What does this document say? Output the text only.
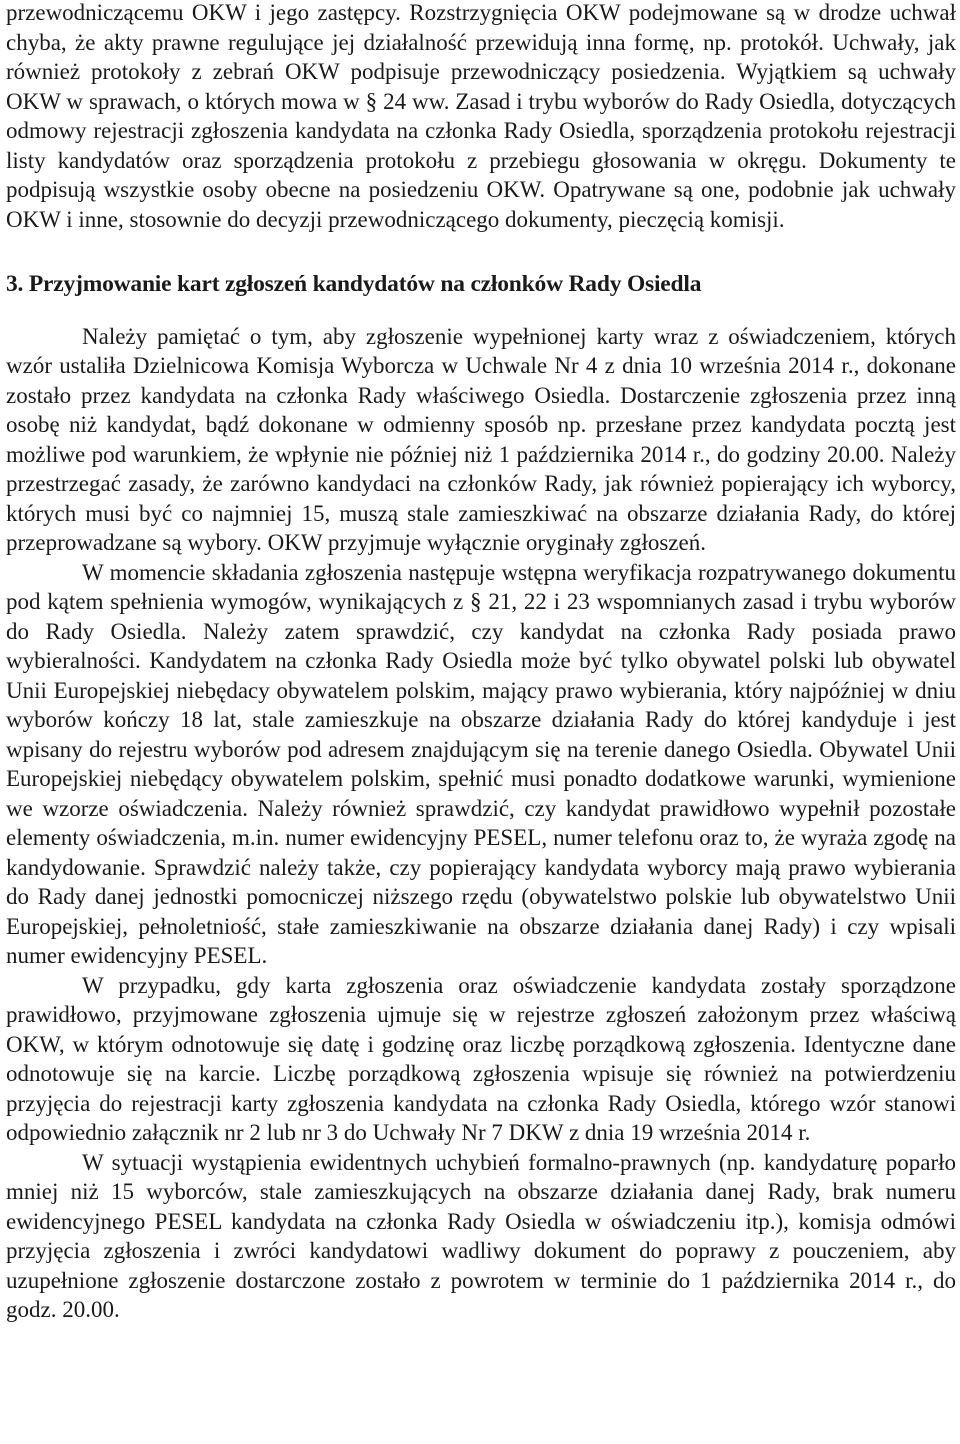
przewodniczącemu OKW i jego zastępcy. Rozstrzygnięcia OKW podejmowane są w drodze uchwał chyba, że akty prawne regulujące jej działalność przewidują inna formę, np. protokół. Uchwały, jak również protokoły z zebrań OKW podpisuje przewodniczący posiedzenia. Wyjątkiem są uchwały OKW w sprawach, o których mowa w § 24 ww. Zasad i trybu wyborów do Rady Osiedla, dotyczących odmowy rejestracji zgłoszenia kandydata na członka Rady Osiedla, sporządzenia protokołu rejestracji listy kandydatów oraz sporządzenia protokołu z przebiegu głosowania w okręgu. Dokumenty te podpisują wszystkie osoby obecne na posiedzeniu OKW. Opatrywane są one, podobnie jak uchwały OKW i inne, stosownie do decyzji przewodniczącego dokumenty, pieczęcią komisji.

3. Przyjmowanie kart zgłoszeń kandydatów na członków Rady Osiedla

Należy pamiętać o tym, aby zgłoszenie wypełnionej karty wraz z oświadczeniem, których wzór ustaliła Dzielnicowa Komisja Wyborcza w Uchwale Nr 4 z dnia 10 września 2014 r., dokonane zostało przez kandydata na członka Rady właściwego Osiedla. Dostarczenie zgłoszenia przez inną osobę niż kandydat, bądź dokonane w odmienny sposób np. przesłane przez kandydata pocztą jest możliwe pod warunkiem, że wpłynie nie później niż 1 października 2014 r., do godziny 20.00. Należy przestrzegać zasady, że zarówno kandydaci na członków Rady, jak również popierający ich wyborcy, których musi być co najmniej 15, muszą stale zamieszkiwać na obszarze działania Rady, do której przeprowadzane są wybory. OKW przyjmuje wyłącznie oryginały zgłoszeń.

W momencie składania zgłoszenia następuje wstępna weryfikacja rozpatrywanego dokumentu pod kątem spełnienia wymogów, wynikających z § 21, 22 i 23 wspomnianych zasad i trybu wyborów do Rady Osiedla. Należy zatem sprawdzić, czy kandydat na członka Rady posiada prawo wybieralności. Kandydatem na członka Rady Osiedla może być tylko obywatel polski lub obywatel Unii Europejskiej niebędacy obywatelem polskim, mający prawo wybierania, który najpóźniej w dniu wyborów kończy 18 lat, stale zamieszkuje na obszarze działania Rady do której kandyduje i jest wpisany do rejestru wyborów pod adresem znajdującym się na terenie danego Osiedla. Obywatel Unii Europejskiej niebędący obywatelem polskim, spełnić musi ponadto dodatkowe warunki, wymienione we wzorze oświadczenia. Należy również sprawdzić, czy kandydat prawidłowo wypełnił pozostałe elementy oświadczenia, m.in. numer ewidencyjny PESEL, numer telefonu oraz to, że wyraża zgodę na kandydowanie. Sprawdzić należy także, czy popierający kandydata wyborcy mają prawo wybierania do Rady danej jednostki pomocniczej niższego rzędu (obywatelstwo polskie lub obywatelstwo Unii Europejskiej, pełnoletniość, stałe zamieszkiwanie na obszarze działania danej Rady) i czy wpisali numer ewidencyjny PESEL.

W przypadku, gdy karta zgłoszenia oraz oświadczenie kandydata zostały sporządzone prawidłowo, przyjmowane zgłoszenia ujmuje się w rejestrze zgłoszeń założonym przez właściwą OKW, w którym odnotowuje się datę i godzinę oraz liczbę porządkową zgłoszenia. Identyczne dane odnotowuje się na karcie. Liczbę porządkową zgłoszenia wpisuje się również na potwierdzeniu przyjęcia do rejestracji karty zgłoszenia kandydata na członka Rady Osiedla, którego wzór stanowi odpowiednio załącznik nr 2 lub nr 3 do Uchwały Nr 7 DKW z dnia 19 września 2014 r.

W sytuacji wystąpienia ewidentnych uchybień formalno-prawnych (np. kandydaturę poparło mniej niż 15 wyborców, stale zamieszkujących na obszarze działania danej Rady, brak numeru ewidencyjnego PESEL kandydata na członka Rady Osiedla w oświadczeniu itp.), komisja odmówi przyjęcia zgłoszenia i zwróci kandydatowi wadliwy dokument do poprawy z pouczeniem, aby uzupełnione zgłoszenie dostarczone zostało z powrotem w terminie do 1 października 2014 r., do godz. 20.00.
